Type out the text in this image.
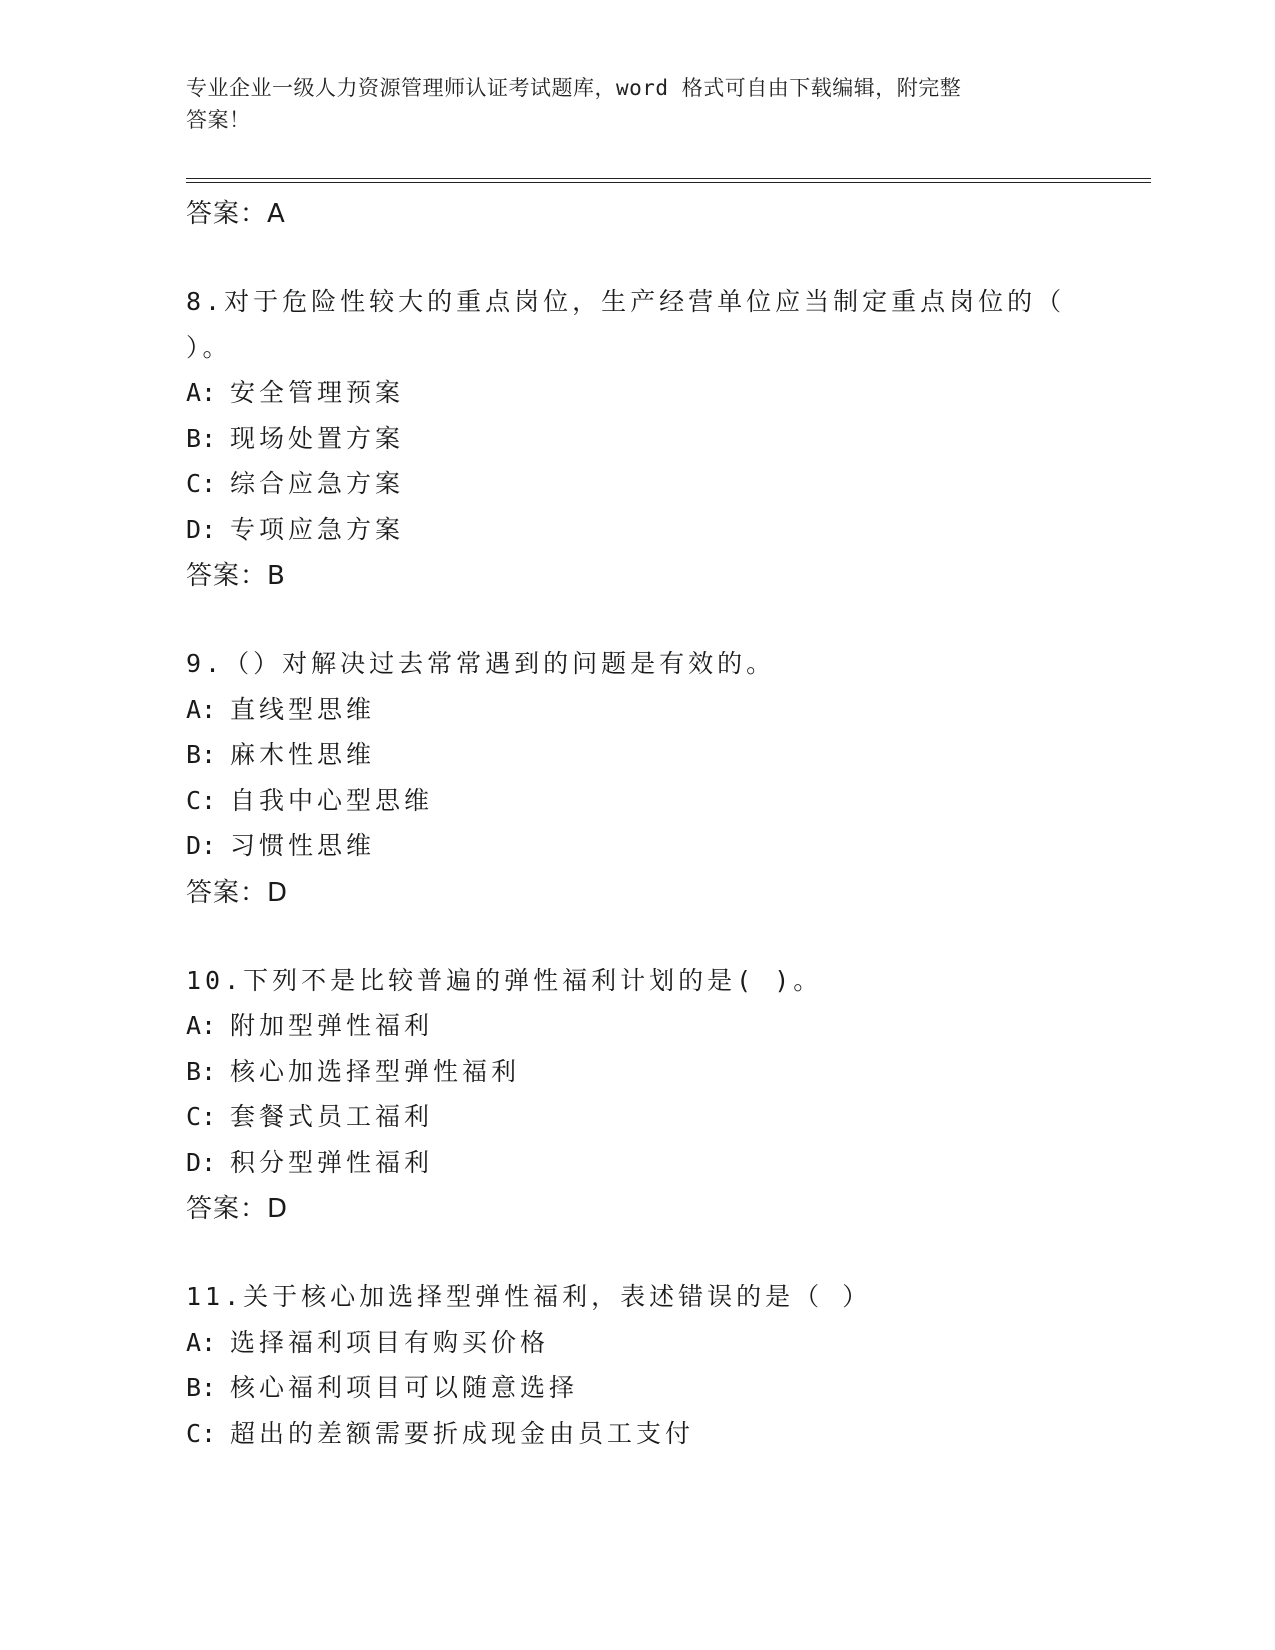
专业企业一级人力资源管理师认证考试题库，word 格式可自由下载编辑，附完整
答案！
答案：A
8.对于危险性较大的重点岗位，生产经营单位应当制定重点岗位的（
）。
A: 安全管理预案
B: 现场处置方案
C: 综合应急方案
D: 专项应急方案
答案：B
9.（）对解决过去常常遇到的问题是有效的。
A: 直线型思维
B: 麻木性思维
C: 自我中心型思维
D: 习惯性思维
答案：D
10.下列不是比较普遍的弹性福利计划的是( )。
A: 附加型弹性福利
B: 核心加选择型弹性福利
C: 套餐式员工福利
D: 积分型弹性福利
答案：D
11.关于核心加选择型弹性福利，表述错误的是（ ）
A: 选择福利项目有购买价格
B: 核心福利项目可以随意选择
C: 超出的差额需要折成现金由员工支付
